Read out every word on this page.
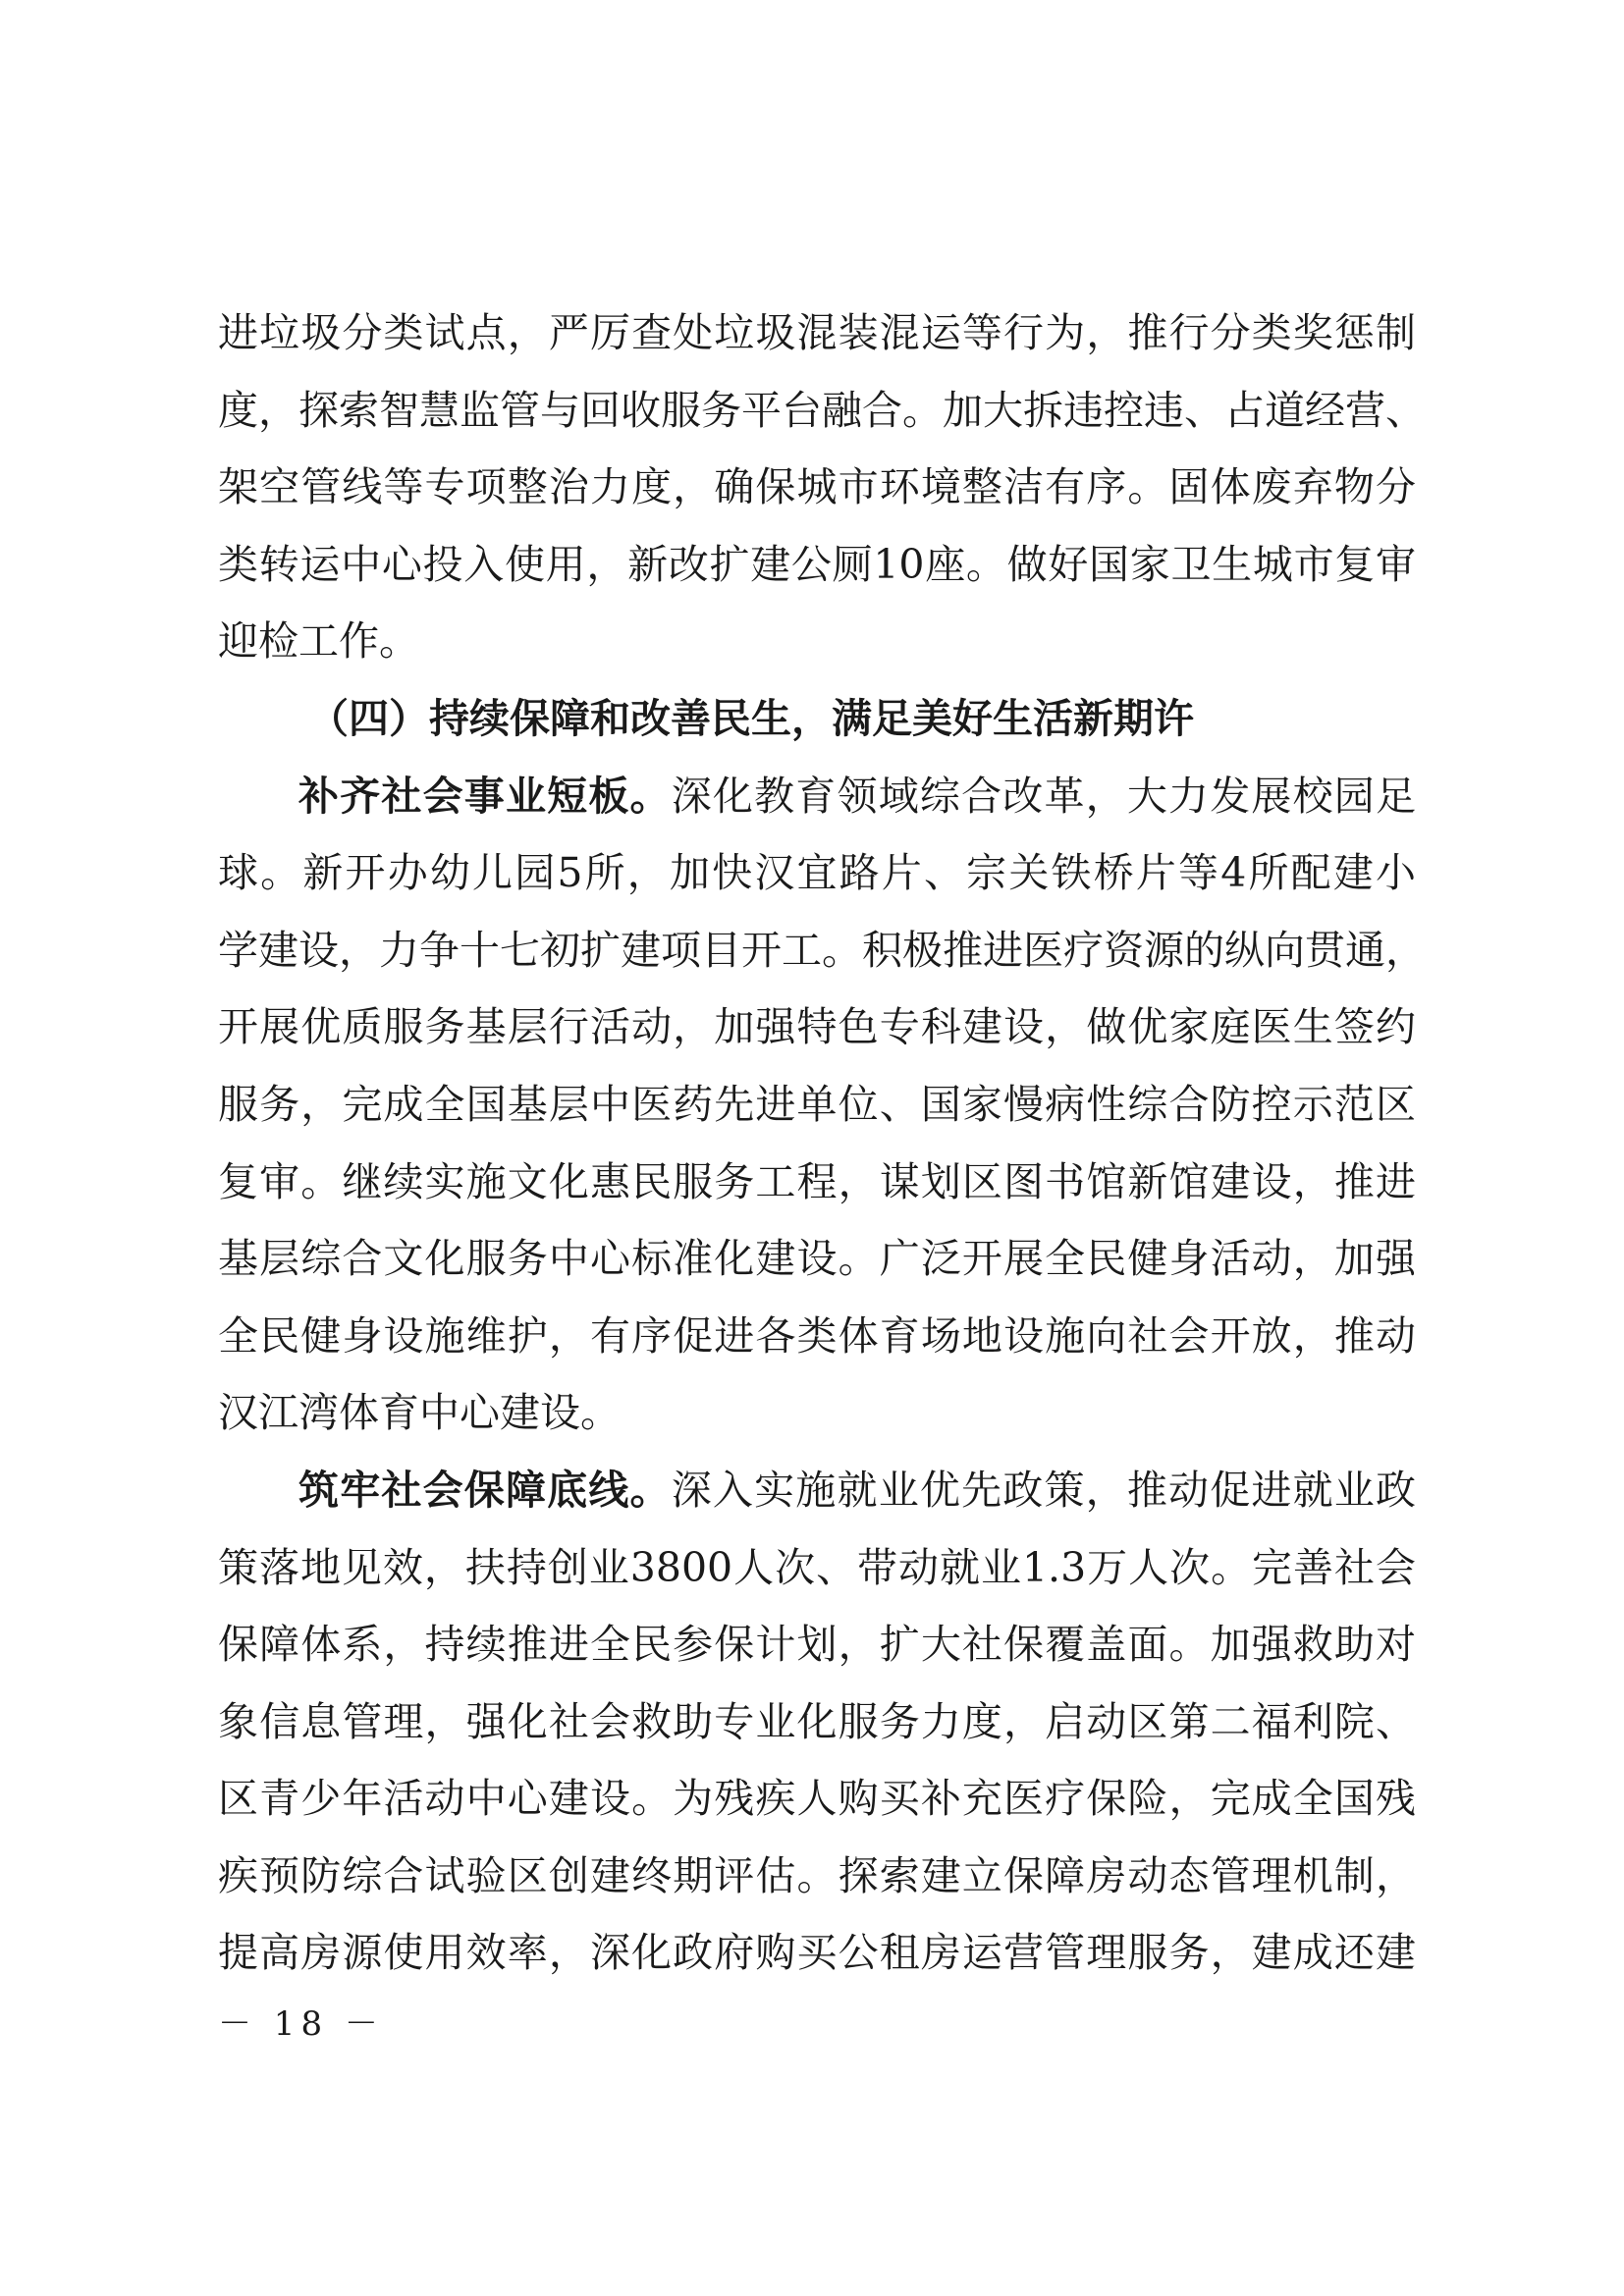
进垃圾分类试点，严厉查处垃圾混装混运等行为，推行分类奖惩制
度，探索智慧监管与回收服务平台融合。加大拆违控违、占道经营、
架空管线等专项整治力度，确保城市环境整洁有序。固体废弃物分
类转运中心投入使用，新改扩建公厕10座。做好国家卫生城市复审
迎检工作。
（四）持续保障和改善民生，满足美好生活新期许
补齐社会事业短板。深化教育领域综合改革，大力发展校园足
球。新开办幼儿园5所，加快汉宜路片、宗关铁桥片等4所配建小
学建设，力争十七初扩建项目开工。积极推进医疗资源的纵向贯通，
开展优质服务基层行活动，加强特色专科建设，做优家庭医生签约
服务，完成全国基层中医药先进单位、国家慢病性综合防控示范区
复审。继续实施文化惠民服务工程，谋划区图书馆新馆建设，推进
基层综合文化服务中心标准化建设。广泛开展全民健身活动，加强
全民健身设施维护，有序促进各类体育场地设施向社会开放，推动
汉江湾体育中心建设。
筑牢社会保障底线。深入实施就业优先政策，推动促进就业政
策落地见效，扶持创业3800人次、带动就业1.3万人次。完善社会
保障体系，持续推进全民参保计划，扩大社保覆盖面。加强救助对
象信息管理，强化社会救助专业化服务力度，启动区第二福利院、
区青少年活动中心建设。为残疾人购买补充医疗保险，完成全国残
疾预防综合试验区创建终期评估。探索建立保障房动态管理机制，
提高房源使用效率，深化政府购买公租房运营管理服务，建成还建
－ 18 －
